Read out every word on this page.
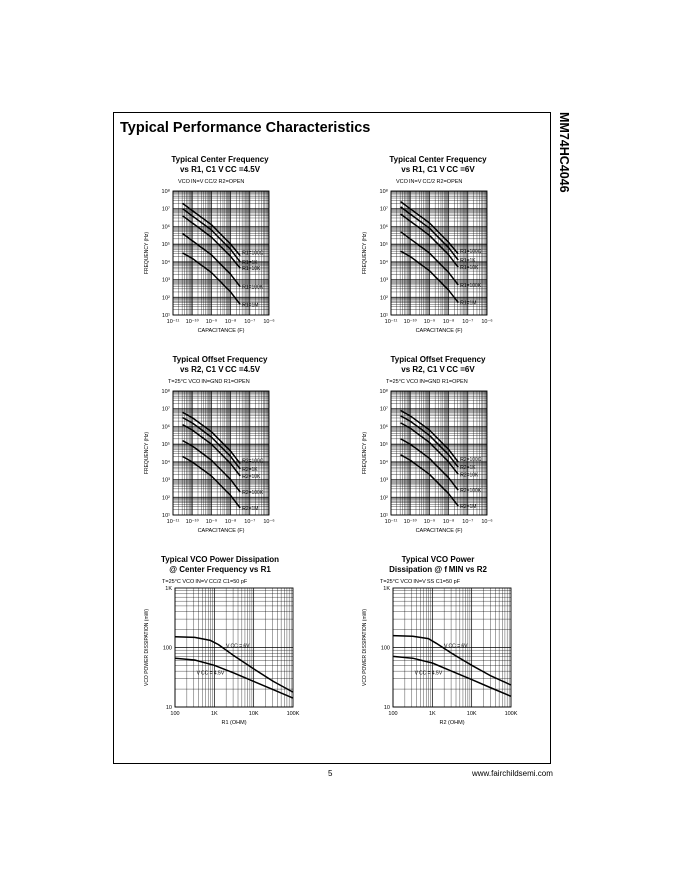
Typical Performance Characteristics	MM74HC4046
Typical Center Frequency
vs R1, C1 V CC =4.5V
VCO IN=V CC/2 R2=OPEN
10⁻¹¹ 10⁻¹⁰ 10⁻⁹ 10⁻⁸ 10⁻⁷ 10⁻⁶
10¹
10²
10³
10⁴
10⁵
10⁶
10⁷
10⁸
CAPACITANCE (F)
FREQUENCY (Hz)	R1=100Ω
R1=1K
R1=10K
R1=100K
R1=1M
Typical Center Frequency
vs R1, C1 V CC =6V
VCO IN=V CC/2 R2=OPEN
10⁻¹¹ 10⁻¹⁰ 10⁻⁹ 10⁻⁸ 10⁻⁷ 10⁻⁶
10¹
10²
10³
10⁴
10⁵
10⁶
10⁷
10⁸
CAPACITANCE (F)
FREQUENCY (Hz)	R1=100Ω
R1=1K
R1=10K
R1=100K
R1=1M
Typical Offset Frequency
vs R2, C1 V CC =4.5V
T=25°C VCO IN=GND R1=OPEN
10⁻¹¹ 10⁻¹⁰ 10⁻⁹ 10⁻⁸ 10⁻⁷ 10⁻⁶
10¹
10²
10³
10⁴
10⁵
10⁶
10⁷
10⁸
CAPACITANCE (F)
FREQUENCY (Hz)	R2=100Ω
R2=1K
R2=10K
R2=100K
R2=1M
Typical Offset Frequency
vs R2, C1 V CC =6V
T=25°C VCO IN=GND R1=OPEN
10⁻¹¹ 10⁻¹⁰ 10⁻⁹ 10⁻⁸ 10⁻⁷ 10⁻⁶
10¹
10²
10³
10⁴
10⁵
10⁶
10⁷
10⁸
CAPACITANCE (F)
FREQUENCY (Hz)	R2=100Ω
R2=1K
R2=10K
R2=100K
R2=1M
Typical VCO Power Dissipation
@ Center Frequency vs R1
T=25°C VCO IN=V CC/2 C1=50 pF
100	1K	10K	100K
10
100
1K
R1 (OHM)
VCO POWER DISSIPATION (mW)	V CC = 6V
V CC = 4.5V
Typical VCO Power
Dissipation @ f MIN vs R2
T=25°C VCO IN=V SS C1=50 pF
100	1K	10K	100K
10
100
1K
R2 (OHM)
VCO POWER DISSIPATION (mW)	V CC = 6V
V CC = 4.5V
5	www.fairchildsemi.com
